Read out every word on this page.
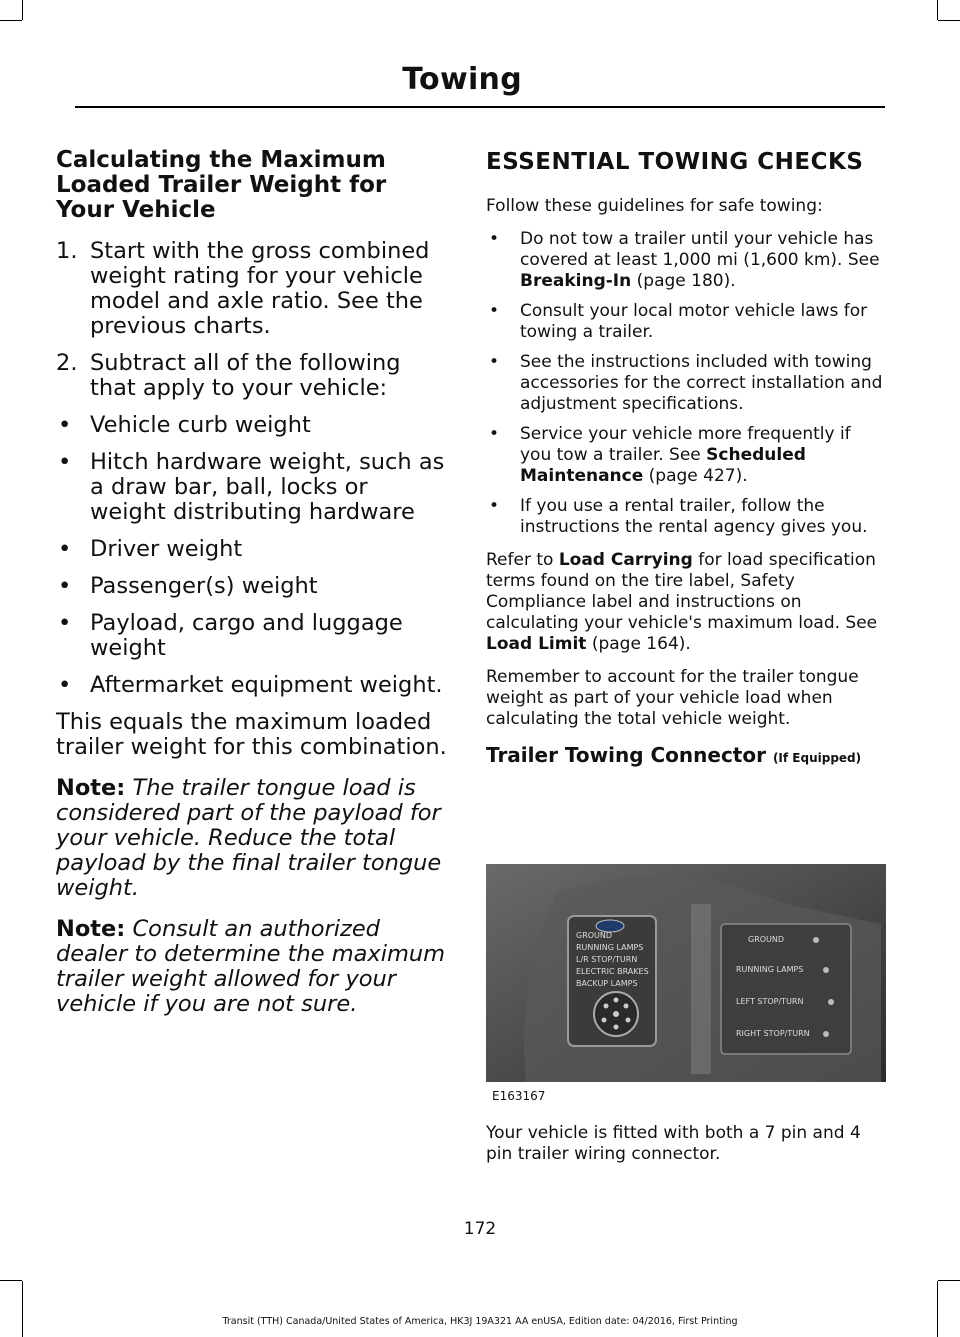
Towing
Calculating the Maximum Loaded Trailer Weight for Your Vehicle
1. Start with the gross combined weight rating for your vehicle model and axle ratio. See the previous charts.
2. Subtract all of the following that apply to your vehicle:
• Vehicle curb weight
• Hitch hardware weight, such as a draw bar, ball, locks or weight distributing hardware
• Driver weight
• Passenger(s) weight
• Payload, cargo and luggage weight
• Aftermarket equipment weight.

This equals the maximum loaded trailer weight for this combination.

Note: The trailer tongue load is considered part of the payload for your vehicle. Reduce the total payload by the final trailer tongue weight.

Note: Consult an authorized dealer to determine the maximum trailer weight allowed for your vehicle if you are not sure.

ESSENTIAL TOWING CHECKS

Follow these guidelines for safe towing:

• Do not tow a trailer until your vehicle has covered at least 1,000 mi (1,600 km). See Breaking-In (page 180).
• Consult your local motor vehicle laws for towing a trailer.
• See the instructions included with towing accessories for the correct installation and adjustment specifications.
• Service your vehicle more frequently if you tow a trailer. See Scheduled Maintenance (page 427).
• If you use a rental trailer, follow the instructions the rental agency gives you.

Refer to Load Carrying for load specification terms found on the tire label, Safety Compliance label and instructions on calculating your vehicle's maximum load. See Load Limit (page 164).

Remember to account for the trailer tongue weight as part of your vehicle load when calculating the total vehicle weight.

Trailer Towing Connector (If Equipped)
GROUND
RUNNING LAMPS
L/R STOP/TURN
ELECTRIC BRAKES
BACKUP LAMPS
GROUND
RUNNING LAMPS
LEFT STOP/TURN
RIGHT STOP/TURN
E163167
Your vehicle is fitted with both a 7 pin and 4 pin trailer wiring connector.
172
Transit (TTH) Canada/United States of America, HK3J 19A321 AA enUSA, Edition date: 04/2016, First Printing
